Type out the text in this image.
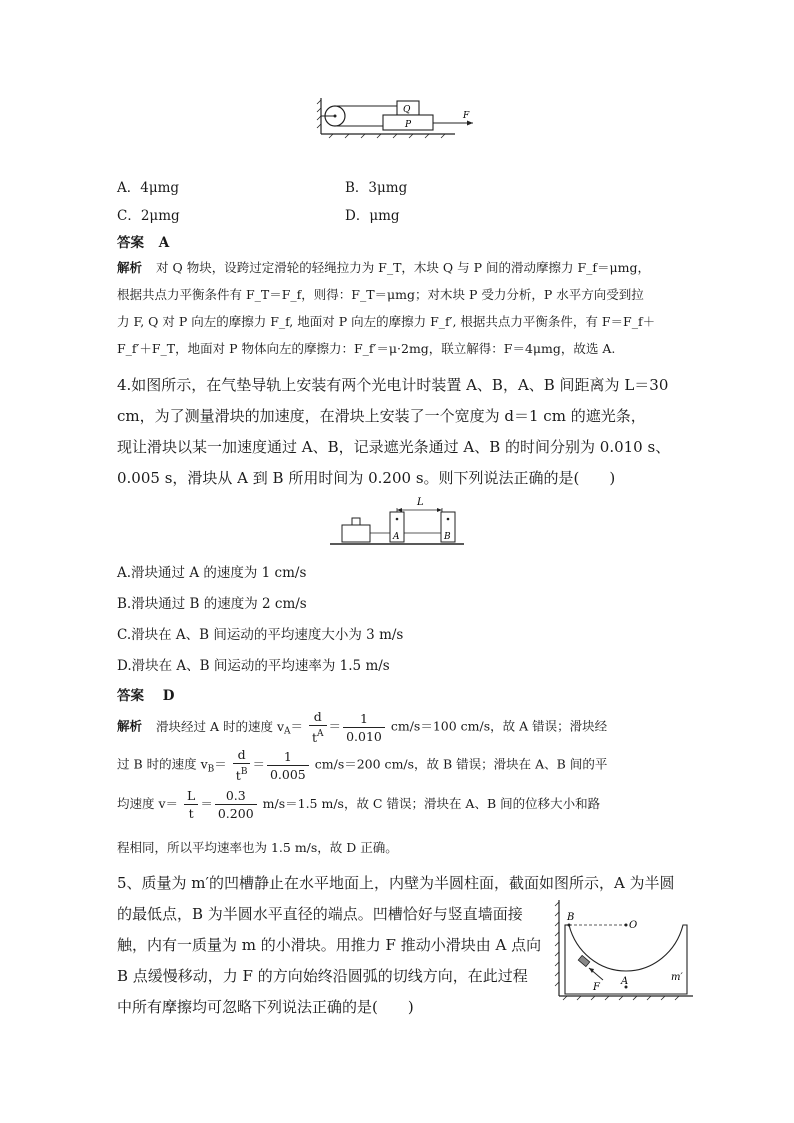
Q
P
F
A．4μmg	B．3μmg
C．2μmg	D．μmg
答案 A
解析 对 Q 物块，设跨过定滑轮的轻绳拉力为 F_T，木块 Q 与 P 间的滑动摩擦力 F_f＝μmg，
根据共点力平衡条件有 F_T＝F_f，则得：F_T＝μmg；对木块 P 受力分析，P 水平方向受到拉
力 F, Q 对 P 向左的摩擦力 F_f, 地面对 P 向左的摩擦力 F_f′, 根据共点力平衡条件，有 F＝F_f＋
F_f′＋F_T，地面对 P 物体向左的摩擦力：F_f′＝μ·2mg，联立解得：F＝4μmg，故选 A.
4.如图所示，在气垫导轨上安装有两个光电计时装置 A、B，A、B 间距离为 L＝30
cm，为了测量滑块的加速度，在滑块上安装了一个宽度为 d＝1 cm 的遮光条，
现让滑块以某一加速度通过 A、B，记录遮光条通过 A、B 的时间分别为 0.010 s、
0.005 s，滑块从 A 到 B 所用时间为 0.200 s。则下列说法正确的是(　　)
L
A	B
A.滑块通过 A 的速度为 1 cm/s
B.滑块通过 B 的速度为 2 cm/s
C.滑块在 A、B 间运动的平均速度大小为 3 m/s
D.滑块在 A、B 间运动的平均速率为 1.5 m/s
答案 D
解析 滑块经过 A 时的速度 $v_A= \frac{d}{t^A} = \frac{1}{0.010} cm/s=100$ cm/s，故 A 错误；滑块经
过 B 时的速度 $v_B= \frac{d}{t^B} = \frac{1}{0.005} cm/s=200$ cm/s，故 B 错误；滑块在 A、B 间的平
均速度 $v= \frac{L}{t} = \frac{0.3}{0.200} m/s=1.5$ m/s，故 C 错误；滑块在 A、B 间的位移大小和路
程相同，所以平均速率也为 1.5 m/s，故 D 正确。
5、质量为 m′的凹槽静止在水平地面上，内壁为半圆柱面，截面如图所示，A 为半圆
的最低点，B 为半圆水平直径的端点。凹槽恰好与竖直墙面接
触，内有一质量为 m 的小滑块。用推力 F 推动小滑块由 A 点向
B 点缓慢移动，力 F 的方向始终沿圆弧的切线方向，在此过程
中所有摩擦均可忽略下列说法正确的是(　　)
B
O
A
F
m′
